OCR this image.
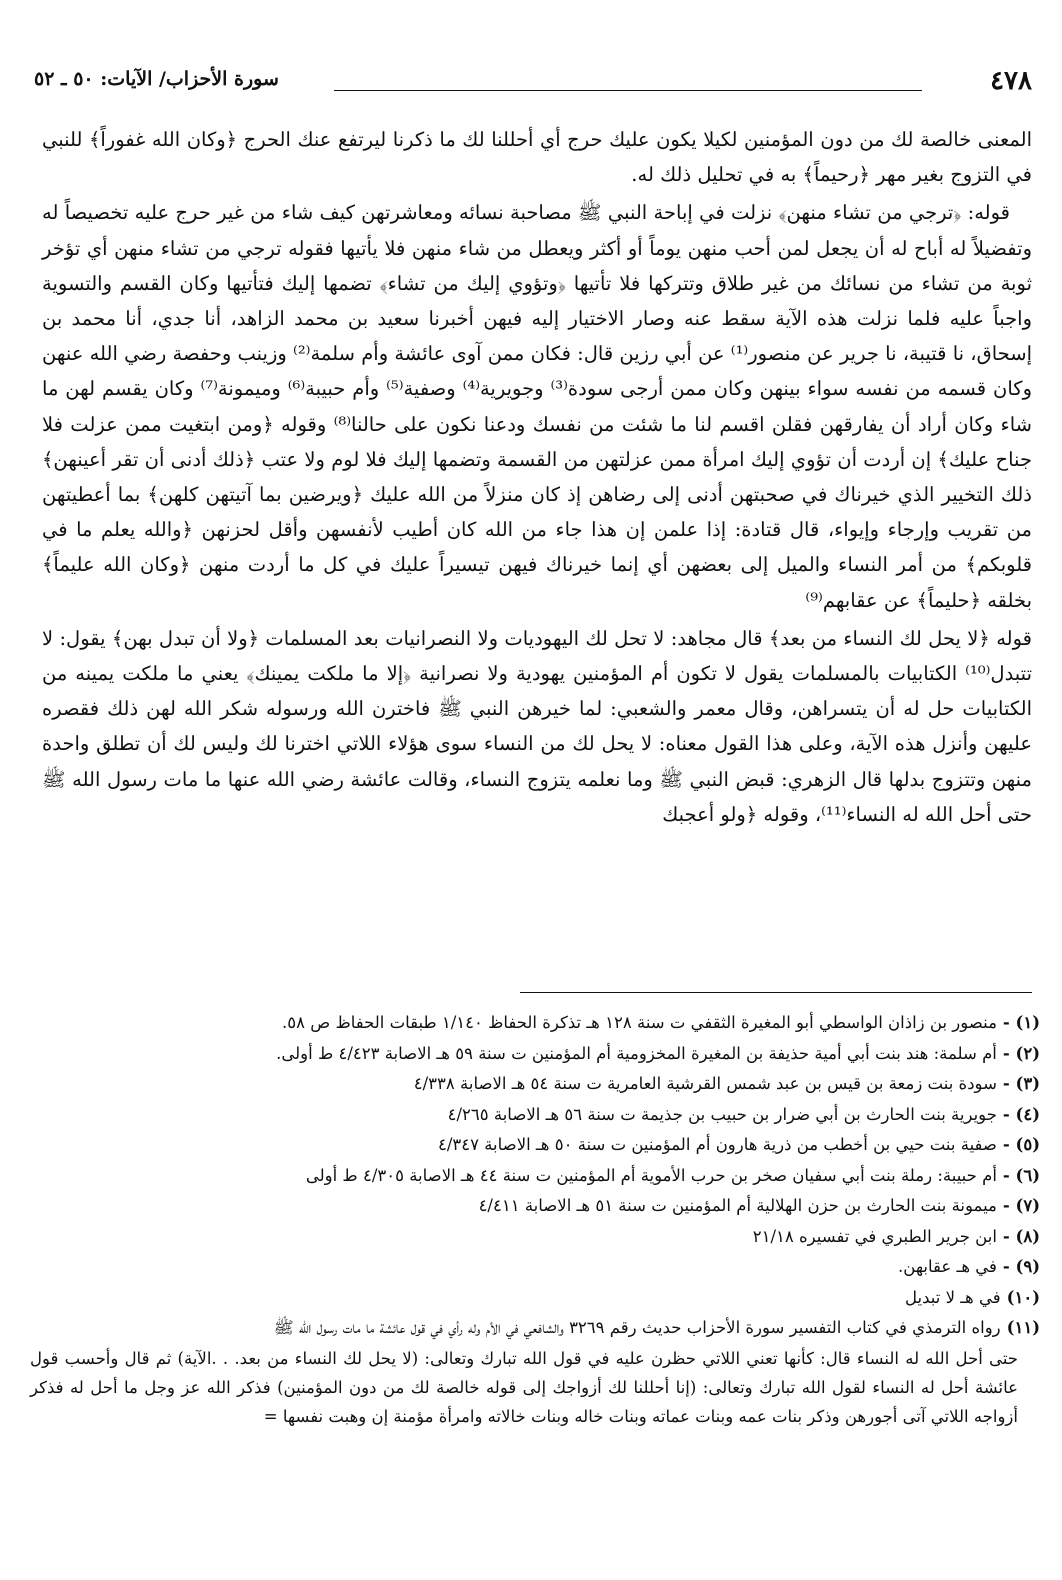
٤٧٨
سورة الأحزاب/ الآيات: ٥٠ ـ ٥٢

المعنى خالصة لك من دون المؤمنين لكيلا يكون عليك حرج أي أحللنا لك ما ذكرنا ليرتفع عنك الحرج ﴿وكان الله غفوراً﴾ للنبي في التزوج بغير مهر ﴿رحيماً﴾ به في تحليل ذلك له.

قوله: ﴿ترجي من تشاء منهن﴾ نزلت في إباحة النبي ﷺ مصاحبة نسائه ومعاشرتهن كيف شاء من غير حرج عليه تخصيصاً له وتفضيلاً له أباح له أن يجعل لمن أحب منهن يوماً أو أكثر ويعطل من شاء منهن فلا يأتيها فقوله ترجي من تشاء منهن أي تؤخر ثوبة من تشاء من نسائك من غير طلاق وتتركها فلا تأتيها ﴿وتؤوي إليك من تشاء﴾ تضمها إليك فتأتيها وكان القسم والتسوية واجباً عليه فلما نزلت هذه الآية سقط عنه وصار الاختيار إليه فيهن أخبرنا سعيد بن محمد الزاهد، أنا جدي، أنا محمد بن إسحاق، نا قتيبة، نا جرير عن منصور⁽¹⁾ عن أبي رزين قال: فكان ممن آوى عائشة وأم سلمة⁽²⁾ وزينب وحفصة رضي الله عنهن وكان قسمه من نفسه سواء بينهن وكان ممن أرجى سودة⁽³⁾ وجويرية⁽⁴⁾ وصفية⁽⁵⁾ وأم حبيبة⁽⁶⁾ وميمونة⁽⁷⁾ وكان يقسم لهن ما شاء وكان أراد أن يفارقهن فقلن اقسم لنا ما شئت من نفسك ودعنا نكون على حالنا⁽⁸⁾ وقوله ﴿ومن ابتغيت ممن عزلت فلا جناح عليك﴾ إن أردت أن تؤوي إليك امرأة ممن عزلتهن من القسمة وتضمها إليك فلا لوم ولا عتب ﴿ذلك أدنى أن تقر أعينهن﴾ ذلك التخيير الذي خيرناك في صحبتهن أدنى إلى رضاهن إذ كان منزلاً من الله عليك ﴿ويرضين بما آتيتهن كلهن﴾ بما أعطيتهن من تقريب وإرجاء وإيواء، قال قتادة: إذا علمن إن هذا جاء من الله كان أطيب لأنفسهن وأقل لحزنهن ﴿والله يعلم ما في قلوبكم﴾ من أمر النساء والميل إلى بعضهن أي إنما خيرناك فيهن تيسيراً عليك في كل ما أردت منهن ﴿وكان الله عليماً﴾ بخلقه ﴿حليماً﴾ عن عقابهم⁽⁹⁾

قوله ﴿لا يحل لك النساء من بعد﴾ قال مجاهد: لا تحل لك اليهوديات ولا النصرانيات بعد المسلمات ﴿ولا أن تبدل بهن﴾ يقول: لا تتبدل⁽¹⁰⁾ الكتابيات بالمسلمات يقول لا تكون أم المؤمنين يهودية ولا نصرانية ﴿إلا ما ملكت يمينك﴾ يعني ما ملكت يمينه من الكتابيات حل له أن يتسراهن، وقال معمر والشعبي: لما خيرهن النبي ﷺ فاخترن الله ورسوله شكر الله لهن ذلك فقصره عليهن وأنزل هذه الآية، وعلى هذا القول معناه: لا يحل لك من النساء سوى هؤلاء اللاتي اخترنا لك وليس لك أن تطلق واحدة منهن وتتزوج بدلها قال الزهري: قبض النبي ﷺ وما نعلمه يتزوج النساء، وقالت عائشة رضي الله عنها ما مات رسول الله ﷺ حتى أحل الله له النساء⁽¹¹⁾، وقوله ﴿ولو أعجبك

(١) -منصور بن زاذان الواسطي أبو المغيرة الثقفي ت سنة ١٢٨ هـ تذكرة الحفاظ ١/١٤٠ طبقات الحفاظ ص ٥٨.

(٢) -أم سلمة: هند بنت أبي أمية حذيفة بن المغيرة المخزومية أم المؤمنين ت سنة ٥٩ هـ الاصابة ٤/٤٢٣ ط أولى.

(٣) -سودة بنت زمعة بن قيس بن عبد شمس القرشية العامرية ت سنة ٥٤ هـ الاصابة ٤/٣٣٨

(٤) -جويرية بنت الحارث بن أبي ضرار بن حبيب بن جذيمة ت سنة ٥٦ هـ الاصابة ٤/٢٦٥

(٥) -صفية بنت حيي بن أخطب من ذرية هارون أم المؤمنين ت سنة ٥٠ هـ الاصابة ٤/٣٤٧

(٦) -أم حبيبة: رملة بنت أبي سفيان صخر بن حرب الأموية أم المؤمنين ت سنة ٤٤ هـ الاصابة ٤/٣٠٥ ط أولى

(٧) -ميمونة بنت الحارث بن حزن الهلالية أم المؤمنين ت سنة ٥١ هـ الاصابة ٤/٤١١

(٨) -ابن جرير الطبري في تفسيره ٢١/١٨

(٩) -في هـ عقابهن.

(١٠)في هـ لا تبديل

(١١)رواه الترمذي في كتاب التفسير سورة الأحزاب حديث رقم ٣٢٦٩ والشافعي في الأم وله رأي في قول عائشة ما مات رسول الله ﷺ

حتى أحل الله له النساء قال: كأنها تعني اللاتي حظرن عليه في قول الله تبارك وتعالى: (لا يحل لك النساء من بعد. . .الآية) ثم قال وأحسب قول عائشة أحل له النساء لقول الله تبارك وتعالى: (إنا أحللنا لك أزواجك إلى قوله خالصة لك من دون المؤمنين) فذكر الله عز وجل ما أحل له فذكر أزواجه اللاتي آتى أجورهن وذكر بنات عمه وبنات عماته وبنات خاله وبنات خالاته وامرأة مؤمنة إن وهبت نفسها =
